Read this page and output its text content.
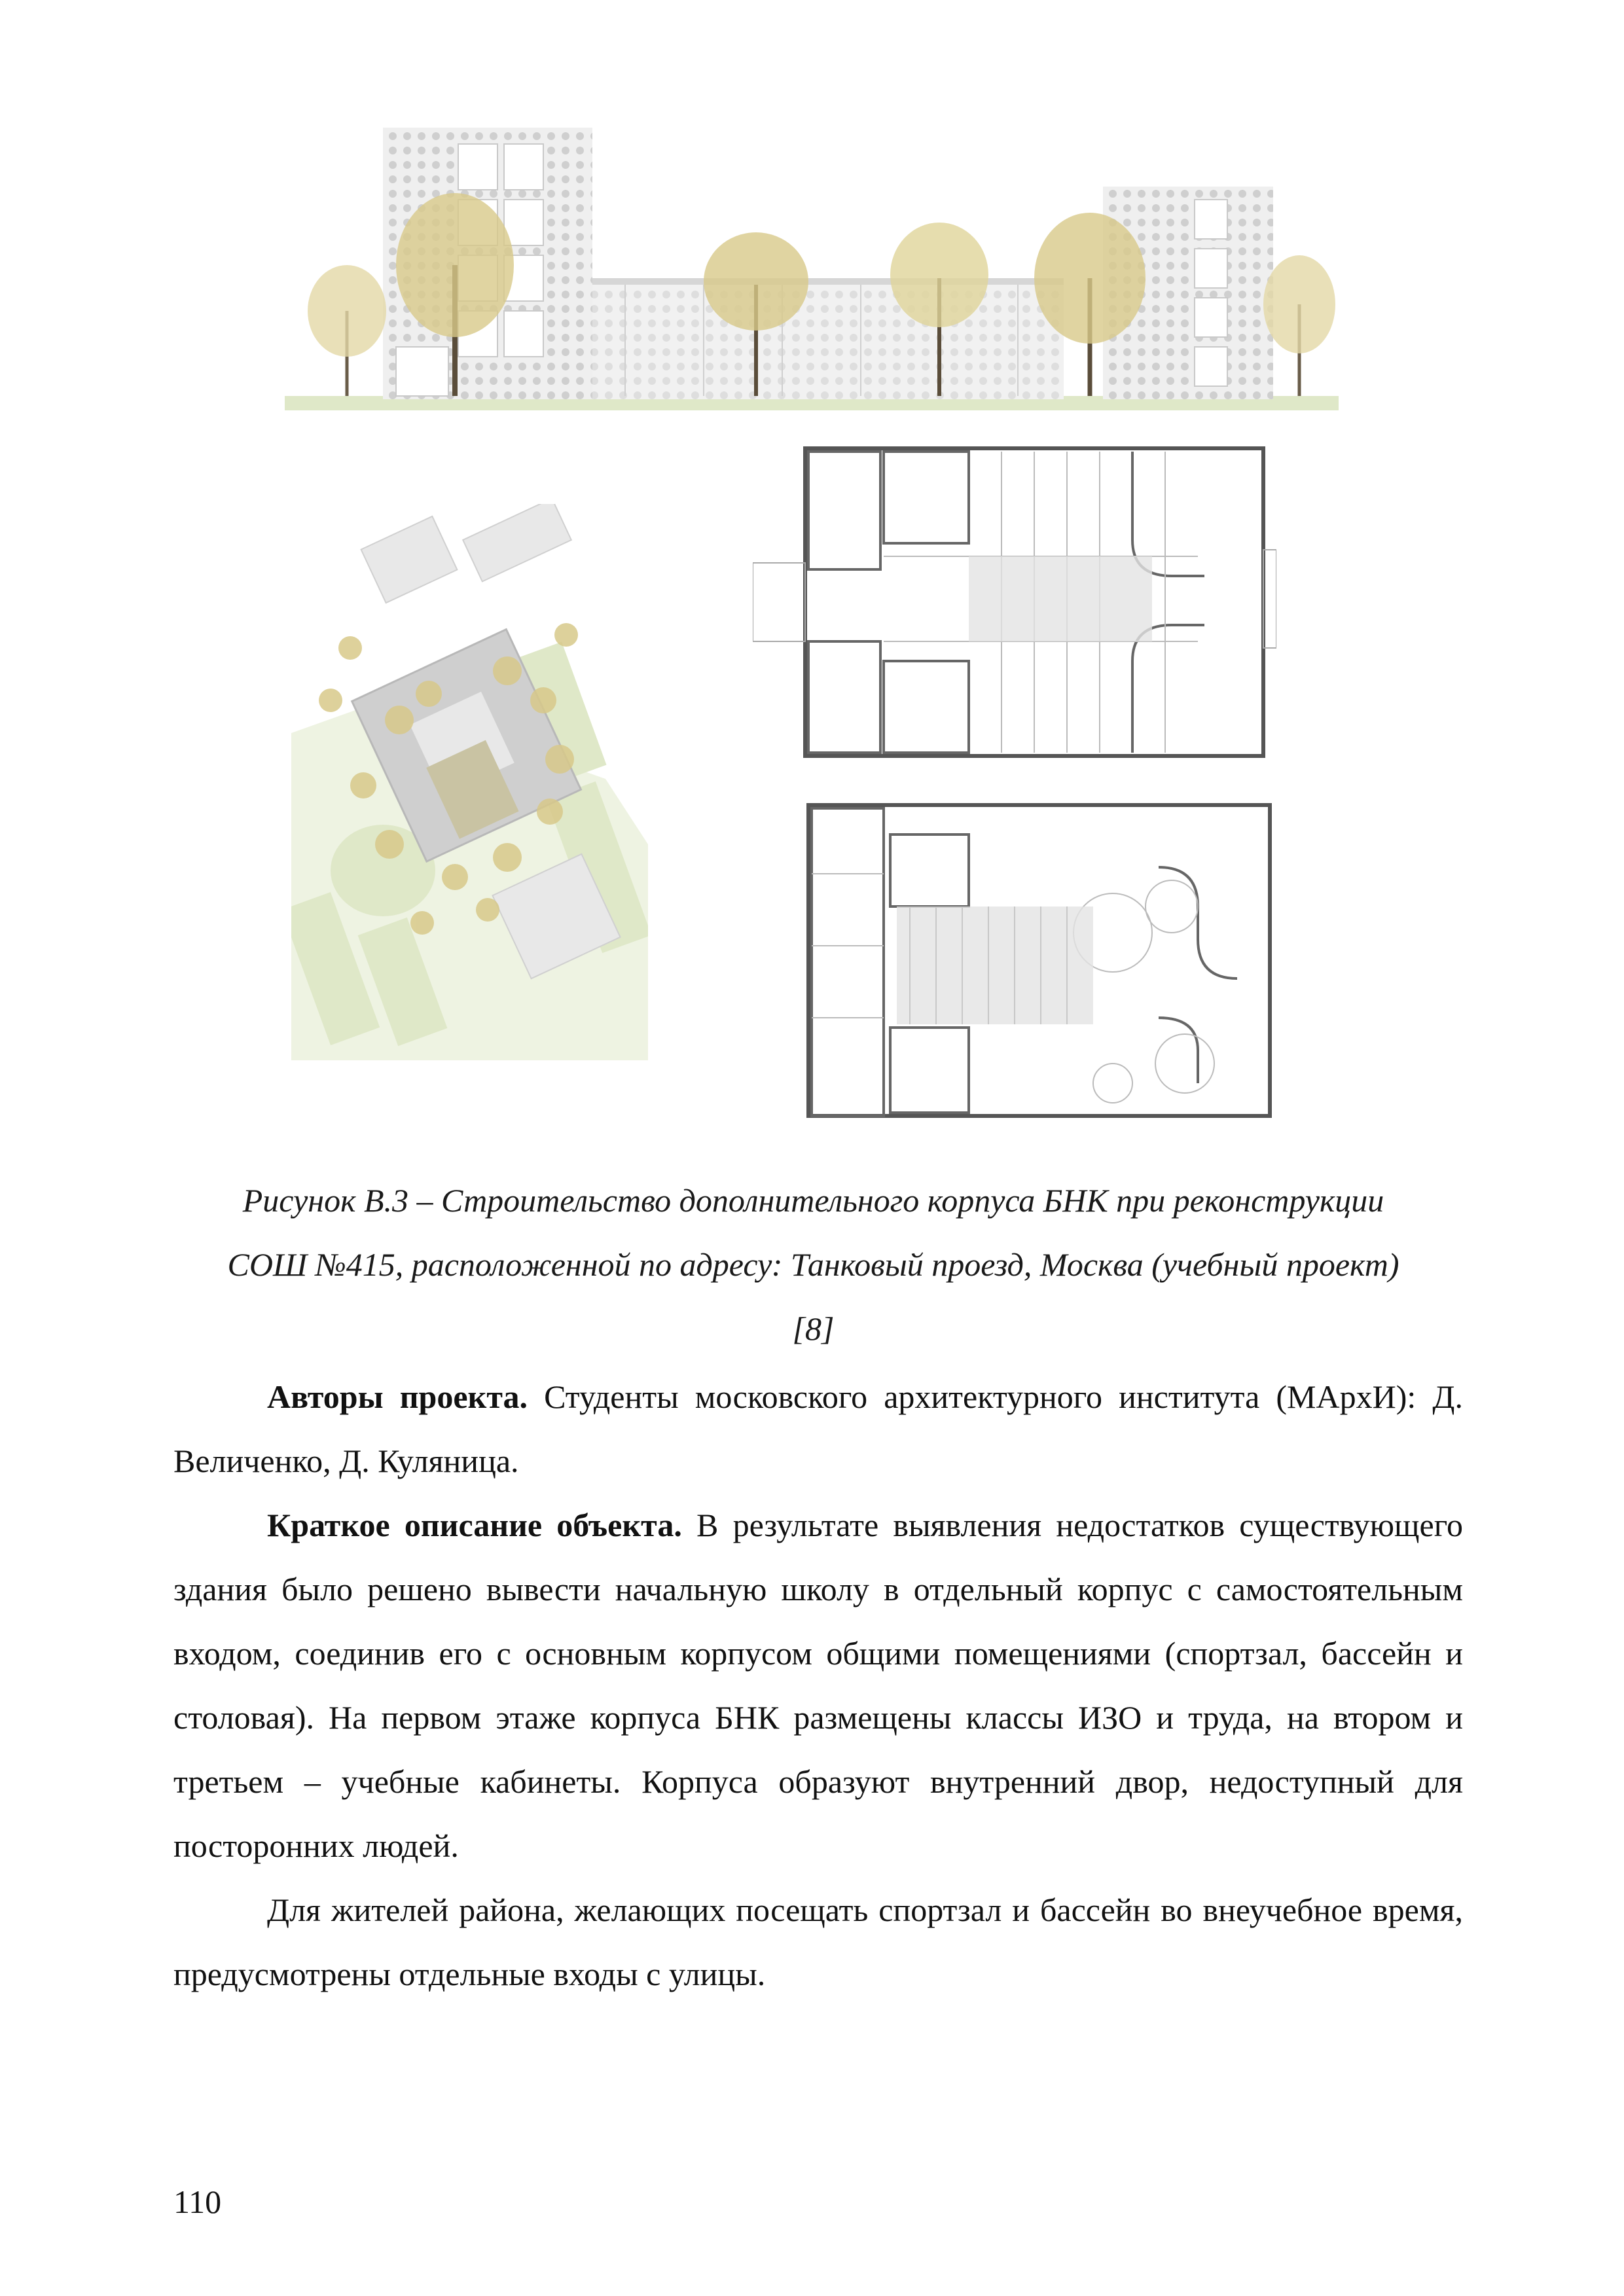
Рисунок В.3 – Строительство дополнительного корпуса БНК при реконструкции
СОШ №415, расположенной по адресу: Танковый проезд, Москва (учебный проект)
[8]

Авторы проекта. Студенты московского архитектурного института (МАрхИ): Д. Величенко, Д. Куляница.

Краткое описание объекта. В результате выявления недостатков существующего здания было решено вывести начальную школу в отдельный корпус с самостоятельным входом, соединив его с основным корпусом общими помещениями (спортзал, бассейн и столовая). На первом этаже корпуса БНК размещены классы ИЗО и труда, на втором и третьем – учебные кабинеты. Корпуса образуют внутренний двор, недоступный для посторонних людей.

Для жителей района, желающих посещать спортзал и бассейн во внеучебное время, предусмотрены отдельные входы с улицы.

110
